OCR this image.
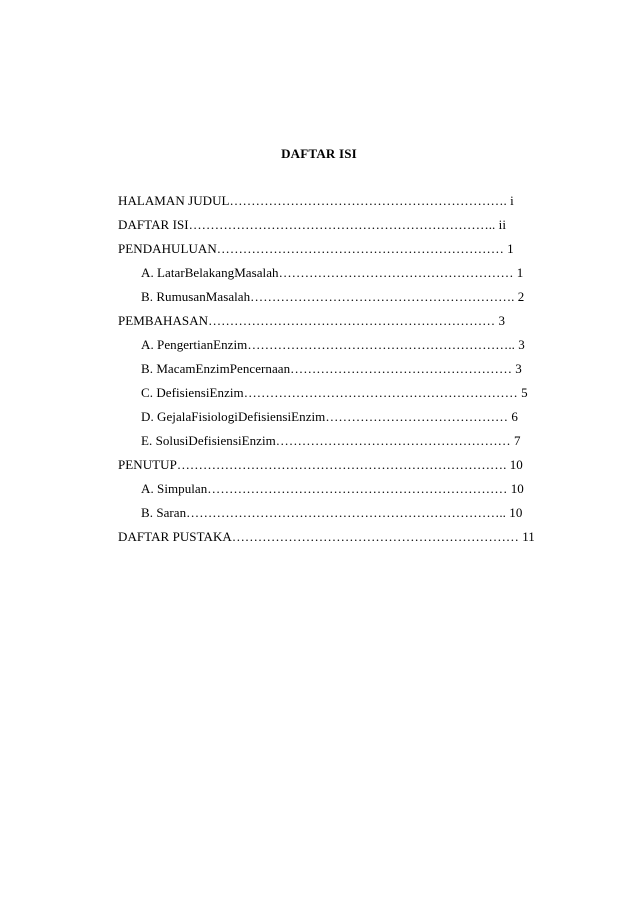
DAFTAR ISI
HALAMAN JUDUL………………………………………………………. i
DAFTAR ISI…………………………………………………………….. ii
PENDAHULUAN………………………………………………………… 1
A. LatarBelakangMasalah……………………………………………… 1
B. RumusanMasalah……………………………………………………. 2
PEMBAHASAN………………………………………………………… 3
A. PengertianEnzim…………………………………………………….. 3
B. MacamEnzimPencernaan…………………………………………… 3
C. DefisiensiEnzim……………………………………………………… 5
D. GejalaFisiologiDefisiensiEnzim…………………………………… 6
E. SolusiDefisiensiEnzim……………………………………………… 7
PENUTUP…………………………………………………………………. 10
A. Simpulan…………………………………………………………… 10
B. Saran……………………………………………………………….. 10
DAFTAR PUSTAKA………………………………………………………… 11
